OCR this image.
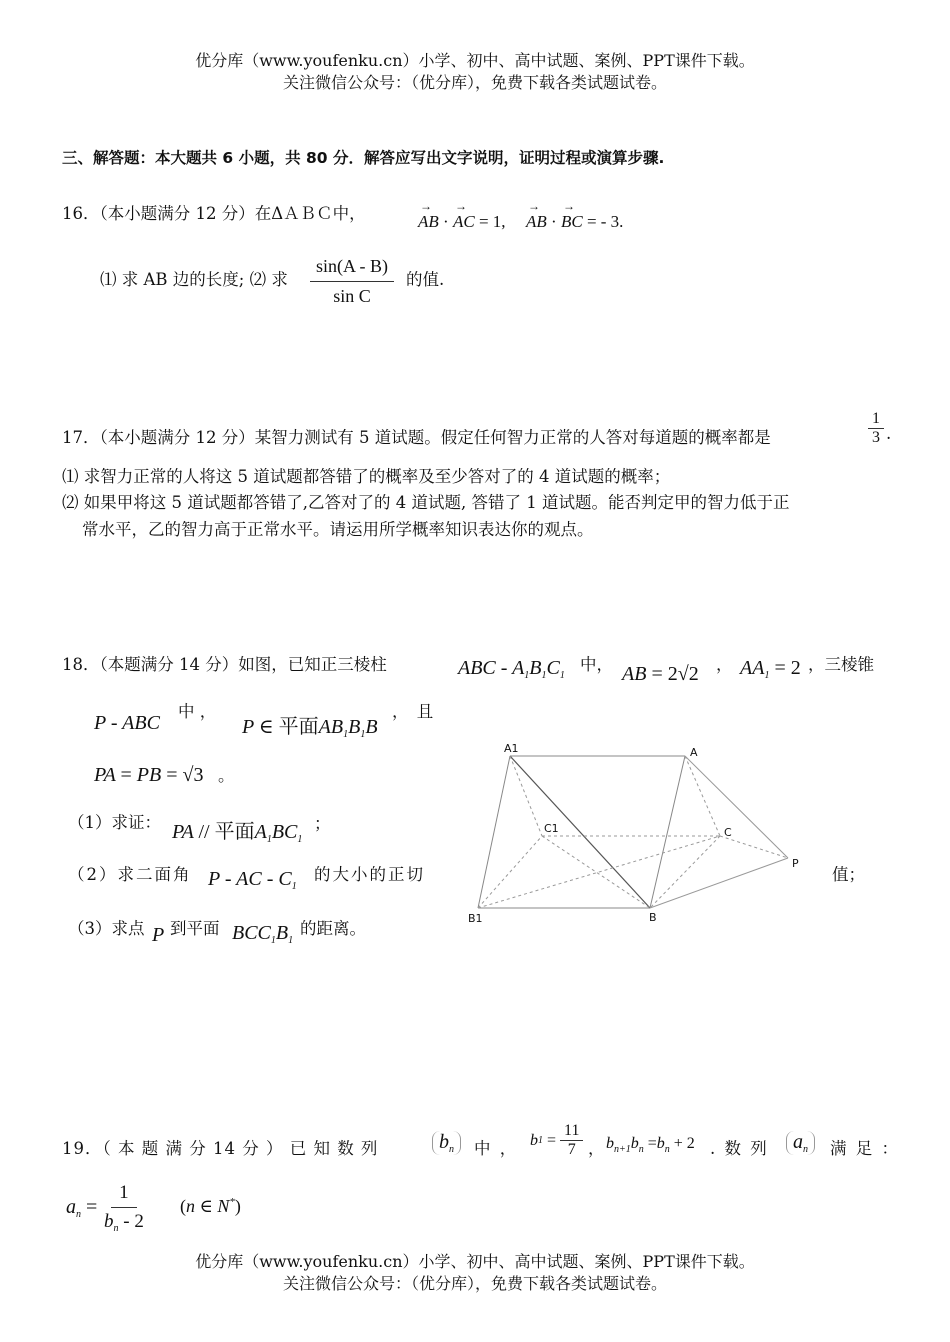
优分库（www.youfenku.cn）小学、初中、高中试题、案例、PPT课件下载。
关注微信公众号：（优分库），免费下载各类试题试卷。
三、解答题：本大题共 6 小题，共 80 分．解答应写出文字说明，证明过程或演算步骤.
16．（本小题满分 12 分）在ΔＡＢＣ中，	→ AB · → AC = 1, → AB · → BC = - 3.
⑴ 求 AB 边的长度; ⑵ 求 $\frac{\sin(A - B)}{\text{sin C}}$ 的值.
17．（本小题满分 12 分）某智力测试有 5 道试题。假定任何智力正常的人答对每道题的概率都是	$\frac{1}{3}$ .
⑴ 求智力正常的人将这 5 道试题都答错了的概率及至少答对了的 4 道试题的概率；
⑵ 如果甲将这 5 道试题都答错了,乙答对了的 4 道试题, 答错了 1 道试题。能否判定甲的智力低于正
常水平，乙的智力高于正常水平。请运用所学概率知识表达你的观点。
18．（本题满分 14 分）如图，已知正三棱柱	ABC - $A_1B_1C_1$
中， AB = 2√2 ， $AA_1 = 2$ ，三棱锥
P - ABC
中 ，
P ∈ 平面$AB_1B_1B$
，　且
PA = PB = √3 。
（1）求证： PA // 平面$A_1BC_1$
；
（2）求二面角 P - AC - $C_1$
的大小的正切	值；
（3）求点 P 到平面 $BCC_1B_1$
的距离。
A1	A
C1	C
P
B1	B
19．（ 本 题 满 分 14 分 ） 已 知 数 列	$b_n$	中 ， b $1 = \frac{11}{7}$ ， $b_{n+1}b_n =b_n + 2$ . 数 列	$a_n$	满 足 ：
$a_n = \frac{1}{b_n - 2} (n$ ∈ N*)
优分库（www.youfenku.cn）小学、初中、高中试题、案例、PPT课件下载。
关注微信公众号：（优分库），免费下载各类试题试卷。
